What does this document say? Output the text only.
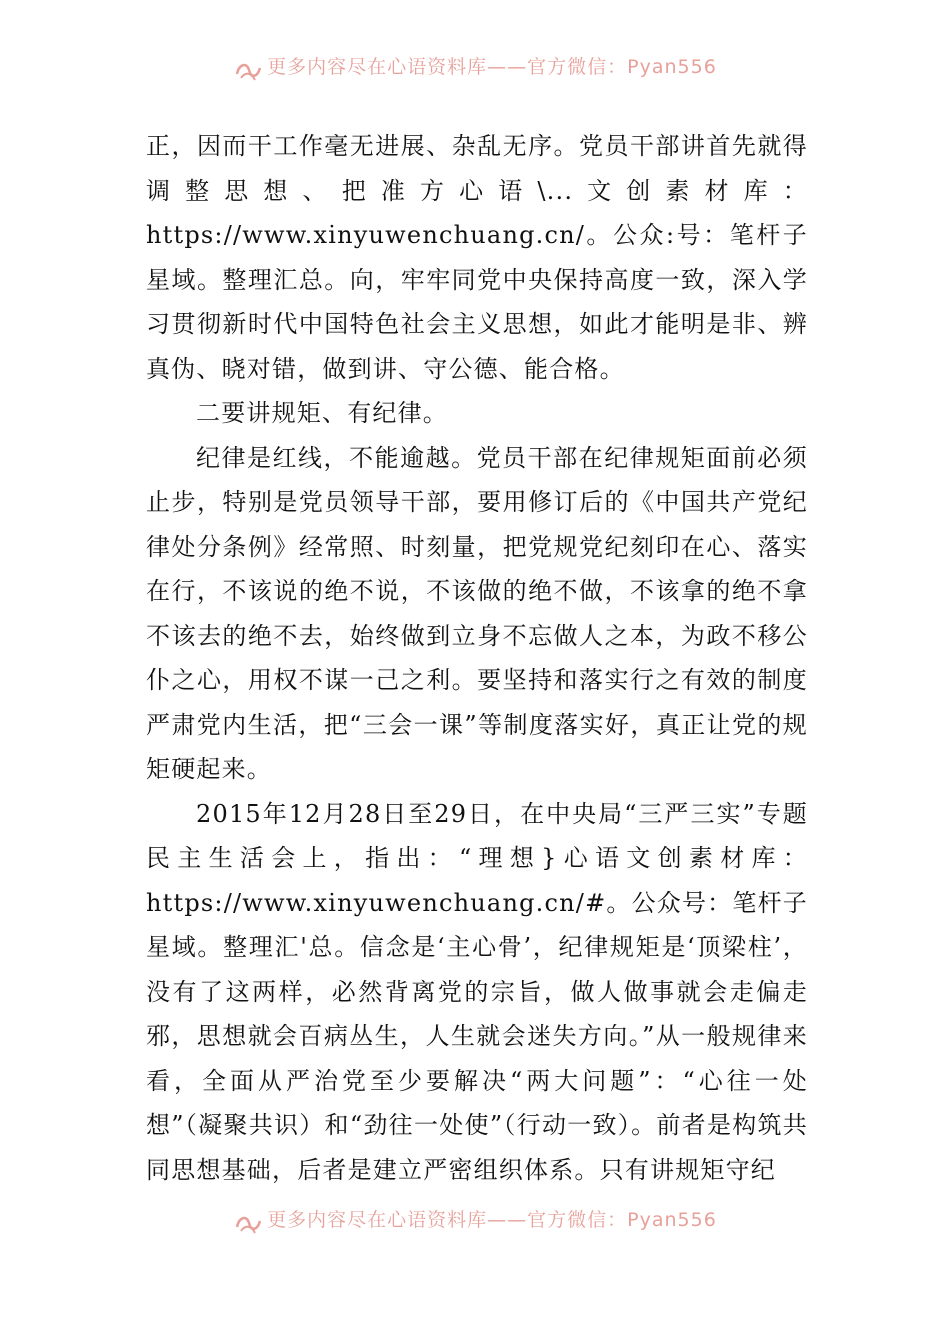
更多内容尽在心语资料库——官方微信：Pyan556

正，因而干工作毫无进展、杂乱无序。党员干部讲首先就得调整思想、把准方心语\...文创素材库：https://www.xinyuwenchuang.cn/。公众:号：笔杆子星域。整理汇总。向，牢牢同党中央保持高度一致，深入学习贯彻新时代中国特色社会主义思想，如此才能明是非、辨真伪、晓对错，做到讲、守公德、能合格。

二要讲规矩、有纪律。

纪律是红线，不能逾越。党员干部在纪律规矩面前必须止步，特别是党员领导干部，要用修订后的《中国共产党纪律处分条例》经常照、时刻量，把党规党纪刻印在心、落实在行，不该说的绝不说，不该做的绝不做，不该拿的绝不拿不该去的绝不去，始终做到立身不忘做人之本，为政不移公仆之心，用权不谋一己之利。要坚持和落实行之有效的制度严肃党内生活，把“三会一课”等制度落实好，真正让党的规矩硬起来。

2015年12月28日至29日，在中央局“三严三实”专题民主生活会上，指出：“理想}心语文创素材库：https://www.xinyuwenchuang.cn/#。公众号：笔杆子星域。整理汇'总。信念是‘主心骨’，纪律规矩是‘顶梁柱’，没有了这两样，必然背离党的宗旨，做人做事就会走偏走邪，思想就会百病丛生，人生就会迷失方向。”从一般规律来看，全面从严治党至少要解决“两大问题”：“心往一处想”（凝聚共识）和“劲往一处使”（行动一致）。前者是构筑共同思想基础，后者是建立严密组织体系。只有讲规矩守纪

更多内容尽在心语资料库——官方微信：Pyan556
